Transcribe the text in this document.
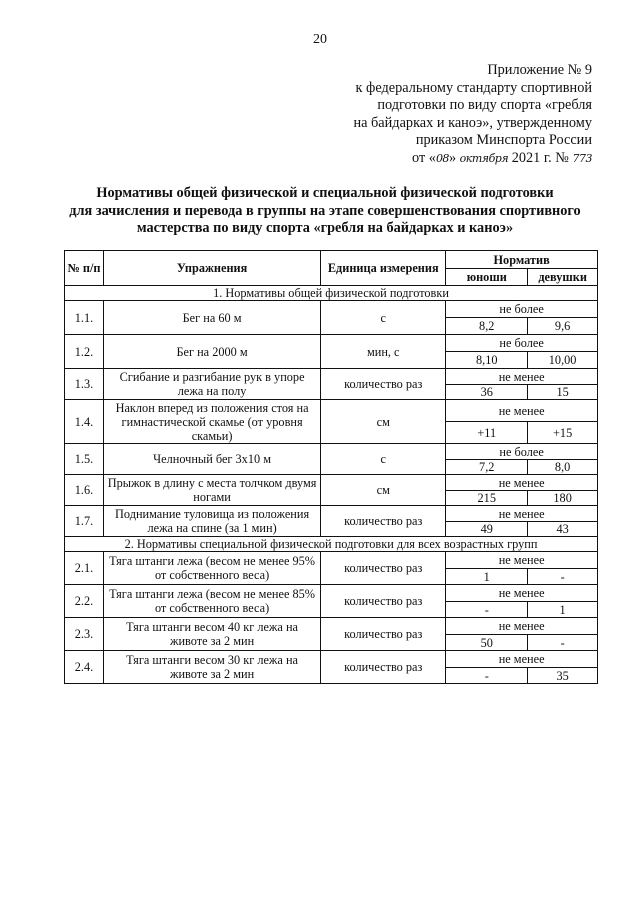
20
Приложение № 9
к федеральному стандарту спортивной
подготовки по виду спорта «гребля
на байдарках и каноэ», утвержденному
приказом Минспорта России
от «08» октября 2021 г. № 773
Нормативы общей физической и специальной физической подготовки
для зачисления и перевода в группы на этапе совершенствования спортивного
мастерства по виду спорта «гребля на байдарках и каноэ»
№ п/п	Упражнения	Единица измерения	Норматив	
			юноши	девушки
1. Нормативы общей физической подготовки				
1.1.	Бег на 60 м	с	не более	
			8,2	9,6
1.2.	Бег на 2000 м	мин, с	не более	
			8,10	10,00
1.3.	Сгибание и разгибание рук в упоре лежа на полу	количество раз	не менее	
			36	15
1.4.	Наклон вперед из положения стоя на гимнастической скамье (от уровня скамьи)	см	не менее	
			+11	+15
1.5.	Челночный бег 3х10 м	с	не более	
			7,2	8,0
1.6.	Прыжок в длину с места толчком двумя ногами	см	не менее	
			215	180
1.7.	Поднимание туловища из положения лежа на спине (за 1 мин)	количество раз	не менее	
			49	43
2. Нормативы специальной физической подготовки для всех возрастных групп				
2.1.	Тяга штанги лежа (весом не менее 95% от собственного веса)	количество раз	не менее	
			1	-
2.2.	Тяга штанги лежа (весом не менее 85% от собственного веса)	количество раз	не менее	
			-	1
2.3.	Тяга штанги весом 40 кг лежа на животе за 2 мин	количество раз	не менее	
			50	-
2.4.	Тяга штанги весом 30 кг лежа на животе за 2 мин	количество раз	не менее	
			-	35
